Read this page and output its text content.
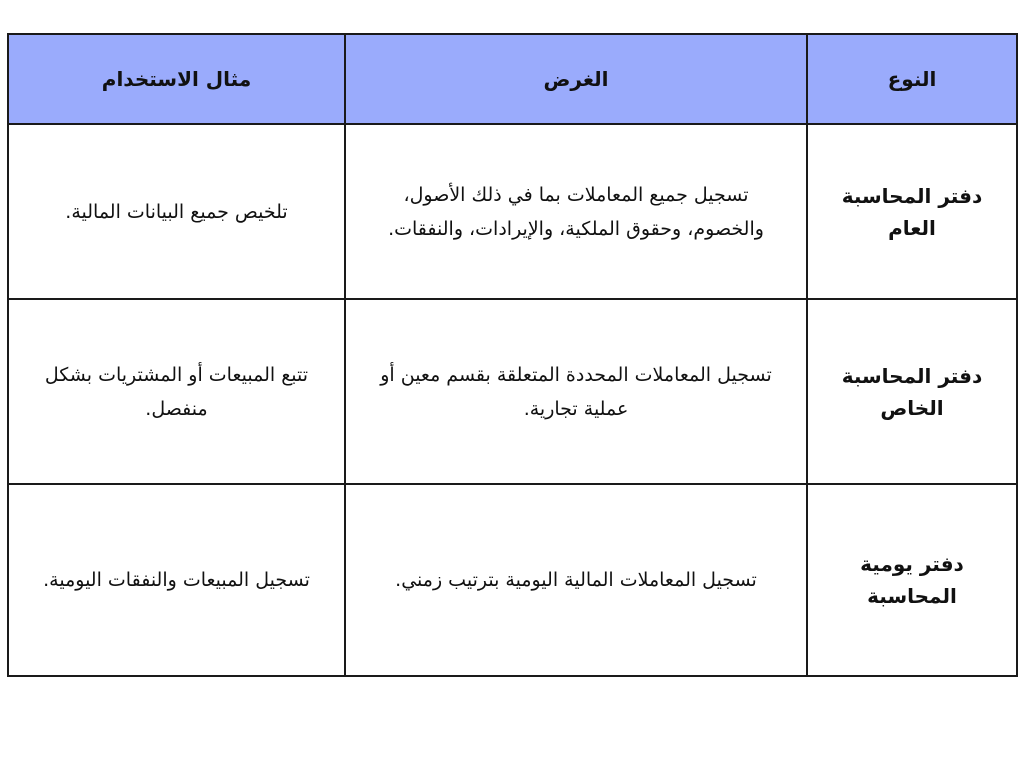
النوع	الغرض	مثال الاستخدام
دفتر المحاسبة العام	تسجيل جميع المعاملات بما في ذلك الأصول، والخصوم، وحقوق الملكية، والإيرادات، والنفقات.	تلخيص جميع البيانات المالية.
دفتر المحاسبة الخاص	تسجيل المعاملات المحددة المتعلقة بقسم معين أو عملية تجارية.	تتبع المبيعات أو المشتريات بشكل منفصل.
دفتر يومية المحاسبة	تسجيل المعاملات المالية اليومية بترتيب زمني.	تسجيل المبيعات والنفقات اليومية.
